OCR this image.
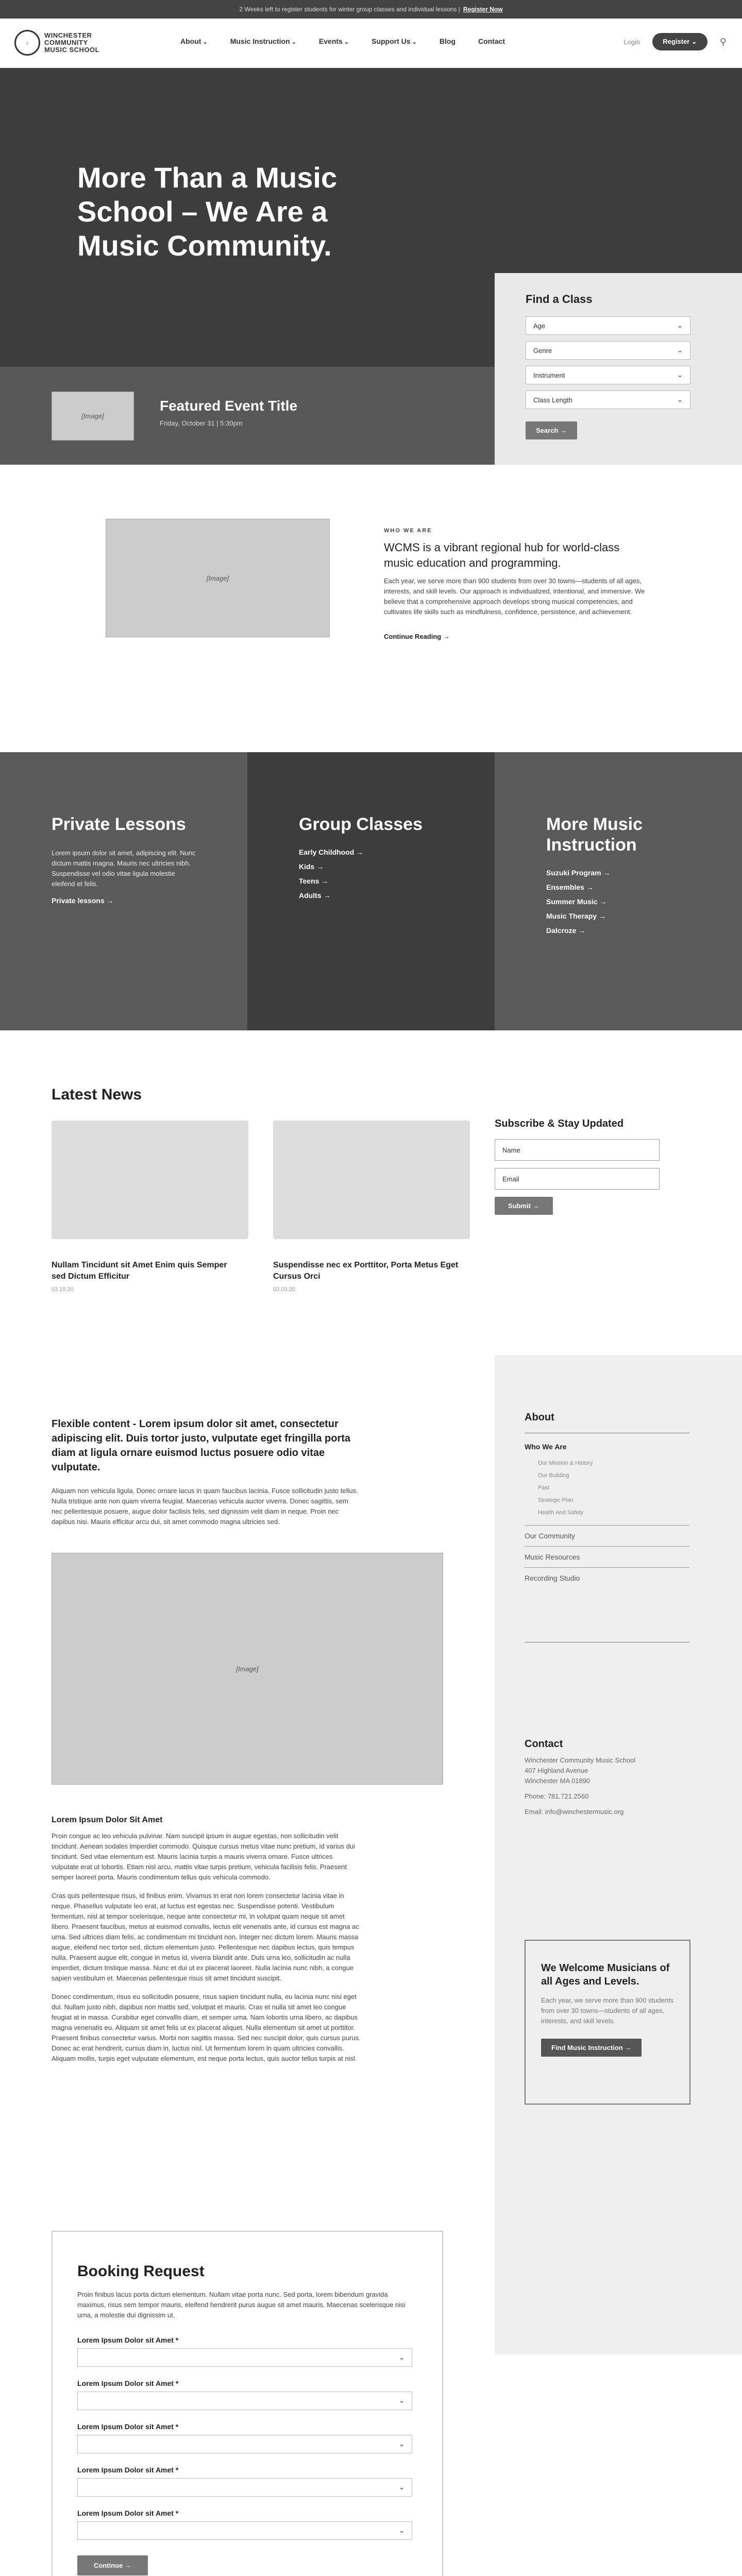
2 Weeks left to register students for winter group classes and individual lessons | Register Now
♪
WINCHESTER
COMMUNITY
MUSIC SCHOOL
About ⌄	Music Instruction ⌄	Events ⌄	Support Us ⌄	Blog	Contact	Login	Register ⌄	⚲
More Than a Music School – We Are a Music Community.
[Image]
Featured Event Title
Friday, October 31 | 5:30pm
Find a Class
Age	⌄
Genre	⌄
Instrument	⌄
Class Length	⌄
Search →
[Image]
WHO WE ARE
WCMS is a vibrant regional hub for world-class music education and programming.

Each year, we serve more than 900 students from over 30 towns—students of all ages, interests, and skill levels. Our approach is individualized, intentional, and immersive. We believe that a comprehensive approach develops strong musical competencies, and cultivates life skills such as mindfulness, confidence, persistence, and achievement.

Continue Reading →
Private Lessons

Lorem ipsum dolor sit amet, adipiscing elit. Nunc dictum mattis magna. Mauris nec ultricies nibh. Suspendisse vel odio vitae ligula molestie eleifend et felis.

Private lessons →
Group Classes
Early Childhood →
Kids →
Teens →
Adults →
More Music Instruction
Suzuki Program →
Ensembles →
Summer Music →
Music Therapy →
Dalcroze →
Latest News
Nullam Tincidunt sit Amet Enim quis Semper sed Dictum Efficitur
03.15.20
Suspendisse nec ex Porttitor, Porta Metus Eget Cursus Orci
03.03.20
Subscribe & Stay Updated
Name
Email
Submit →
About
Who We Are
Our Mission & History
Our Building
Past
Strategic Plan
Health And Safety
Our Community
Music Resources
Recording Studio
Contact
Winchester Community Music School
407 Highland Avenue
Winchester MA 01890
Phone: 781.721.2560
Email: info@winchestermusic.org
We Welcome Musicians of all Ages and Levels.

Each year, we serve more than 900 students from over 30 towns—students of all ages, interests, and skill levels.

Find Music Instruction →
Flexible content - Lorem ipsum dolor sit amet, consectetur adipiscing elit. Duis tortor justo, vulputate eget fringilla porta diam at ligula ornare euismod luctus posuere odio vitae vulputate.

Aliquam non vehicula ligula. Donec ornare lacus in quam faucibus lacinia. Fusce sollicitudin justo tellus. Nulla tristique ante non quam viverra feugiat. Maecenas vehicula auctor viverra. Donec sagittis, sem nec pellentesque posuere, augue dolor facilisis felis, sed dignissim velit diam in neque. Proin nec dapibus nisi. Mauris efficitur arcu dui, sit amet commodo magna ultricies sed.

[Image]
Lorem Ipsum Dolor Sit Amet

Proin congue ac leo vehicula pulvinar. Nam suscipit ipsum in augue egestas, non sollicitudin velit tincidunt. Aenean sodales imperdiet commodo. Quisque cursus metus vitae nunc pretium, id varius dui tincidunt. Sed vitae elementum est. Mauris lacinia turpis a mauris viverra ornare. Fusce ultrices vulputate erat ut lobortis. Etiam nisl arcu, mattis vitae turpis pretium, vehicula facilisis felis. Praesent semper laoreet porta. Mauris condimentum tellus quis vehicula commodo.

Cras quis pellentesque risus, id finibus enim. Vivamus in erat non lorem consectetur lacinia vitae in neque. Phasellus vulputate leo erat, at luctus est egestas nec. Suspendisse potenti. Vestibulum fermentum, nisl at tempor scelerisque, neque ante consectetur mi, in volutpat quam neque sit amet libero. Praesent faucibus, metus at euismod convallis, lectus elit venenatis ante, id cursus est magna ac urna. Sed ultrices diam felis, ac condimentum mi tincidunt non. Integer nec dictum lorem. Mauris massa augue, eleifend nec tortor sed, dictum elementum justo. Pellentesque nec dapibus lectus, quis tempus nulla. Praesent augue elit, congue in metus id, viverra blandit ante. Duis urna leo, sollicitudin ac nulla imperdiet, dictum tristique massa. Nunc et dui ut ex placerat laoreet. Nulla lacinia nunc nibh, a congue sapien vestibulum et. Maecenas pellentesque risus sit amet tincidunt suscipit.

Donec condimentum, risus eu sollicitudin posuere, risus sapien tincidunt nulla, eu lacinia nunc nisi eget dui. Nullam justo nibh, dapibus non mattis sed, volutpat et mauris. Cras et nulla sit amet leo congue feugiat at in massa. Curabitur eget convallis diam, et semper urna. Nam lobortis urna libero, ac dapibus magna venenatis eu. Aliquam sit amet felis ut ex placerat aliquet. Nulla elementum sit amet ut porttitor. Praesent finibus consectetur varius. Morbi non sagittis massa. Sed nec suscipit dolor, quis cursus purus. Donec ac erat hendrerit, cursus diam in, luctus nisl. Ut fermentum lorem in quam ultricies convallis. Aliquam mollis, turpis eget vulputate elementum, est neque porta lectus, quis auctor tellus turpis at nisl.

Booking Request

Proin finibus lacus porta dictum elementum. Nullam vitae porta nunc. Sed porta, lorem bibendum gravida maximus, risus sem tempor mauris, eleifend hendrerit purus augue sit amet mauris. Maecenas scelerisque nisi urna, a molestie dui dignissim ut.

Lorem Ipsum Dolor sit Amet *
⌄
Lorem Ipsum Dolor sit Amet *
⌄
Lorem Ipsum Dolor sit Amet *
⌄
Lorem Ipsum Dolor sit Amet *
⌄
Lorem Ipsum Dolor sit Amet *
⌄
Continue →
